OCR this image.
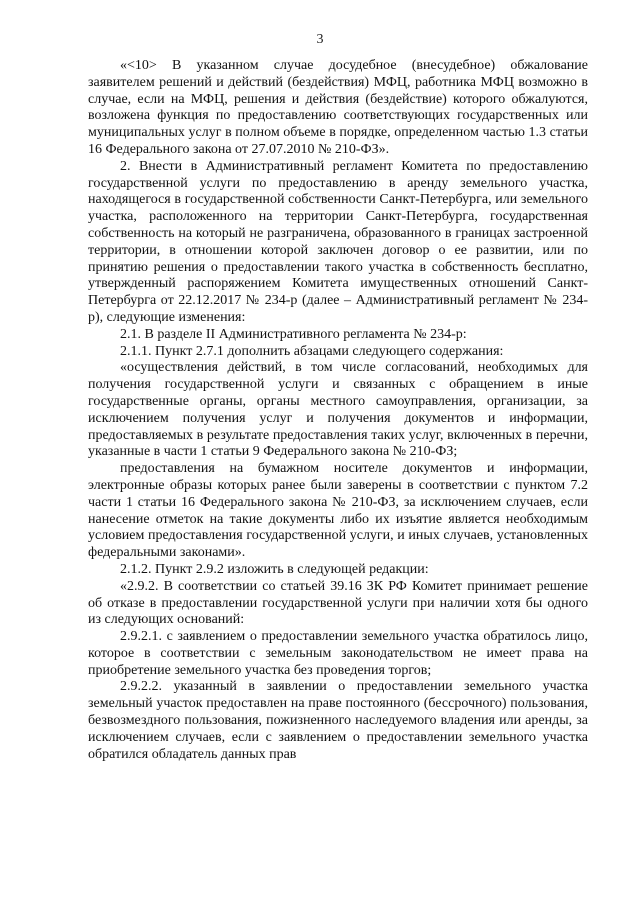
3

«<10> В указанном случае досудебное (внесудебное) обжалование заявителем решений и действий (бездействия) МФЦ, работника МФЦ возможно в случае, если на МФЦ, решения и действия (бездействие) которого обжалуются, возложена функция по предоставлению соответствующих государственных или муниципальных услуг в полном объеме в порядке, определенном частью 1.3 статьи 16 Федерального закона от 27.07.2010 № 210-ФЗ».

2. Внести в Административный регламент Комитета по предоставлению государственной услуги по предоставлению в аренду земельного участка, находящегося в государственной собственности Санкт-Петербурга, или земельного участка, расположенного на территории Санкт-Петербурга, государственная собственность на который не разграничена, образованного в границах застроенной территории, в отношении которой заключен договор о ее развитии, или по принятию решения о предоставлении такого участка в собственность бесплатно, утвержденный распоряжением Комитета имущественных отношений Санкт-Петербурга от 22.12.2017 № 234-р (далее – Административный регламент № 234-р), следующие изменения:

2.1. В разделе II Административного регламента № 234-р:

2.1.1. Пункт 2.7.1 дополнить абзацами следующего содержания:

«осуществления действий, в том числе согласований, необходимых для получения государственной услуги и связанных с обращением в иные государственные органы, органы местного самоуправления, организации, за исключением получения услуг и получения документов и информации, предоставляемых в результате предоставления таких услуг, включенных в перечни, указанные в части 1 статьи 9 Федерального закона № 210-ФЗ;

предоставления на бумажном носителе документов и информации, электронные образы которых ранее были заверены в соответствии с пунктом 7.2 части 1 статьи 16 Федерального закона № 210-ФЗ, за исключением случаев, если нанесение отметок на такие документы либо их изъятие является необходимым условием предоставления государственной услуги, и иных случаев, установленных федеральными законами».

2.1.2. Пункт 2.9.2 изложить в следующей редакции:

«2.9.2. В соответствии со статьей 39.16 ЗК РФ Комитет принимает решение об отказе в предоставлении государственной услуги при наличии хотя бы одного из следующих оснований:

2.9.2.1. с заявлением о предоставлении земельного участка обратилось лицо, которое в соответствии с земельным законодательством не имеет права на приобретение земельного участка без проведения торгов;

2.9.2.2. указанный в заявлении о предоставлении земельного участка земельный участок предоставлен на праве постоянного (бессрочного) пользования, безвозмездного пользования, пожизненного наследуемого владения или аренды, за исключением случаев, если с заявлением о предоставлении земельного участка обратился обладатель данных прав
